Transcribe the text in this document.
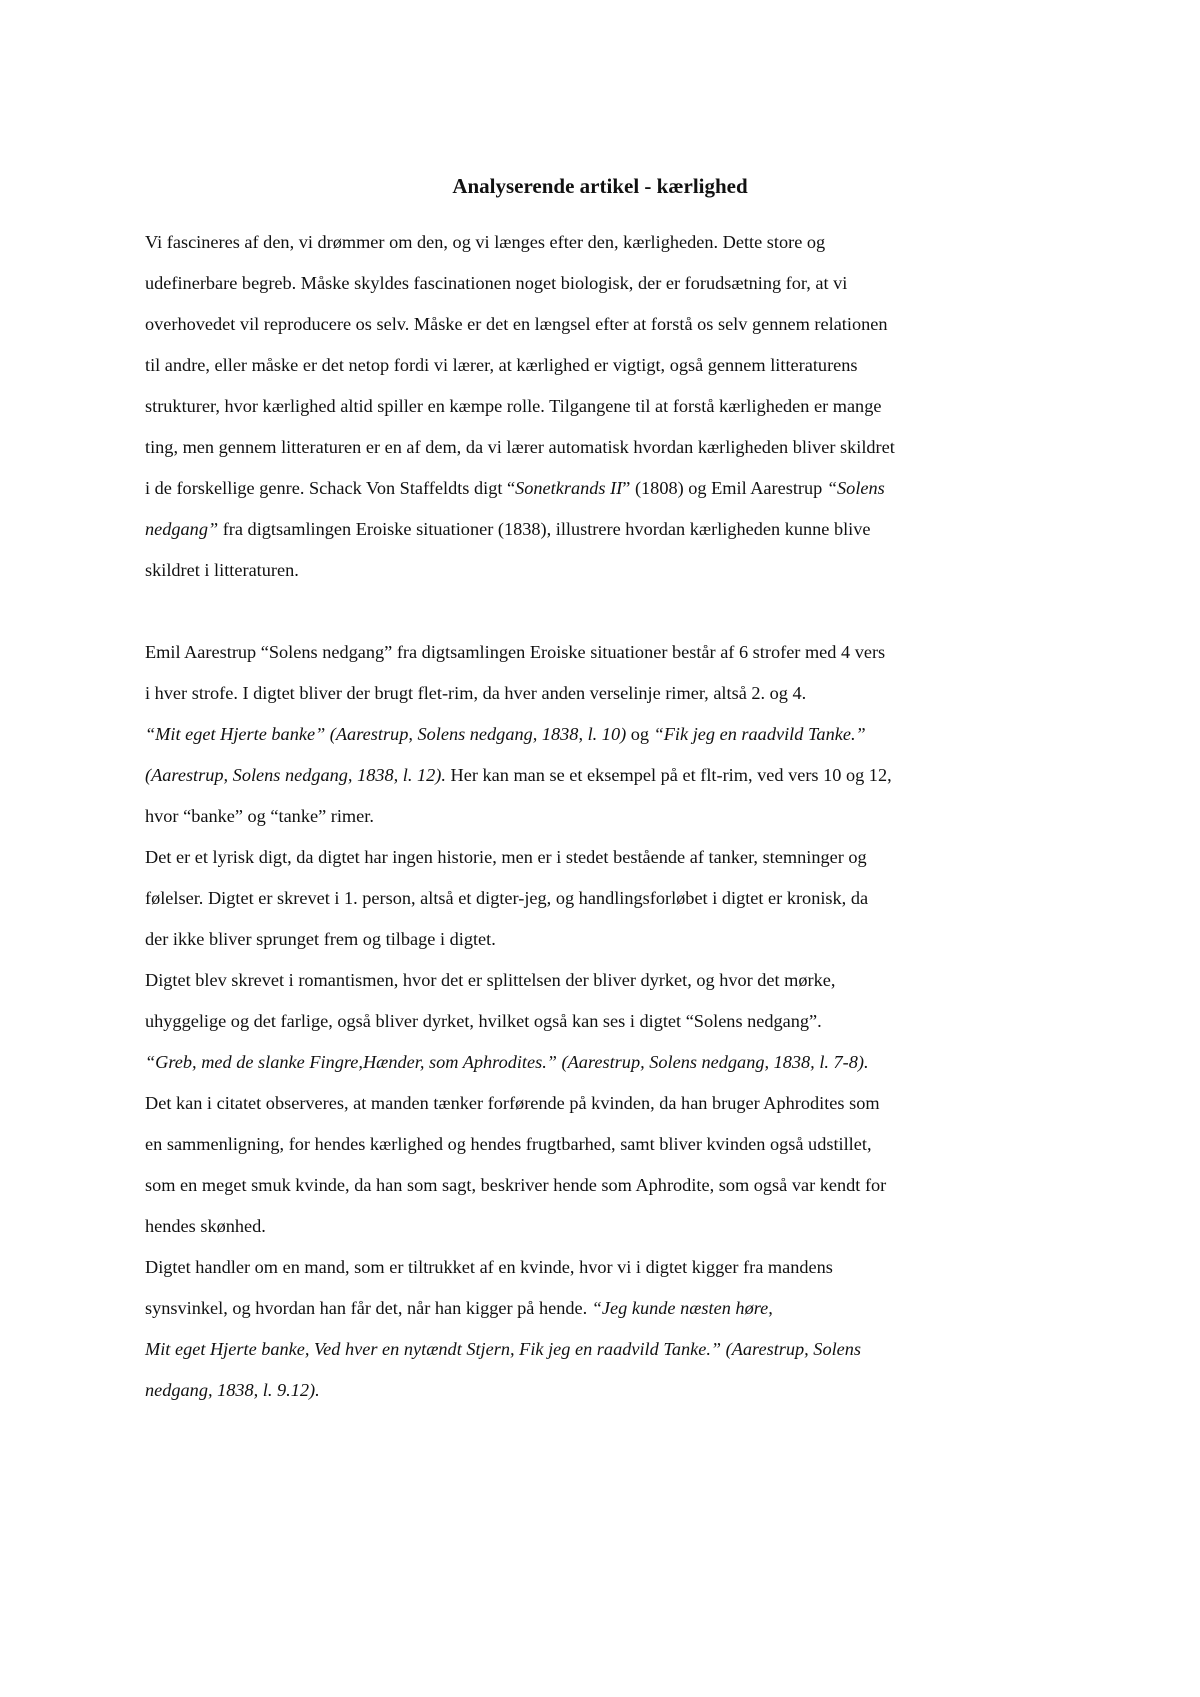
Analyserende artikel - kærlighed

Vi fascineres af den, vi drømmer om den, og vi længes efter den, kærligheden. Dette store og
udefinerbare begreb. Måske skyldes fascinationen noget biologisk, der er forudsætning for, at vi
overhovedet vil reproducere os selv. Måske er det en længsel efter at forstå os selv gennem relationen
til andre, eller måske er det netop fordi vi lærer, at kærlighed er vigtigt, også gennem litteraturens
strukturer, hvor kærlighed altid spiller en kæmpe rolle. Tilgangene til at forstå kærligheden er mange
ting, men gennem litteraturen er en af dem, da vi lærer automatisk hvordan kærligheden bliver skildret
i de forskellige genre. Schack Von Staffeldts digt “Sonetkrands II” (1808) og Emil Aarestrup “Solens
nedgang” fra digtsamlingen Eroiske situationer (1838), illustrere hvordan kærligheden kunne blive
skildret i litteraturen.

Emil Aarestrup “Solens nedgang” fra digtsamlingen Eroiske situationer består af 6 strofer med 4 vers
i hver strofe. I digtet bliver der brugt flet-rim, da hver anden verselinje rimer, altså 2. og 4.
“Mit eget Hjerte banke” (Aarestrup, Solens nedgang, 1838, l. 10) og “Fik jeg en raadvild Tanke.”
(Aarestrup, Solens nedgang, 1838, l. 12). Her kan man se et eksempel på et flt-rim, ved vers 10 og 12,
hvor “banke” og “tanke” rimer.

Det er et lyrisk digt, da digtet har ingen historie, men er i stedet bestående af tanker, stemninger og
følelser. Digtet er skrevet i 1. person, altså et digter-jeg, og handlingsforløbet i digtet er kronisk, da
der ikke bliver sprunget frem og tilbage i digtet.

Digtet blev skrevet i romantismen, hvor det er splittelsen der bliver dyrket, og hvor det mørke,
uhyggelige og det farlige, også bliver dyrket, hvilket også kan ses i digtet “Solens nedgang”.
“Greb, med de slanke Fingre,Hænder, som Aphrodites.” (Aarestrup, Solens nedgang, 1838, l. 7-8).
Det kan i citatet observeres, at manden tænker forførende på kvinden, da han bruger Aphrodites som
en sammenligning, for hendes kærlighed og hendes frugtbarhed, samt bliver kvinden også udstillet,
som en meget smuk kvinde, da han som sagt, beskriver hende som Aphrodite, som også var kendt for
hendes skønhed.

Digtet handler om en mand, som er tiltrukket af en kvinde, hvor vi i digtet kigger fra mandens
synsvinkel, og hvordan han får det, når han kigger på hende. “Jeg kunde næsten høre,
Mit eget Hjerte banke, Ved hver en nytændt Stjern, Fik jeg en raadvild Tanke.” (Aarestrup, Solens
nedgang, 1838, l. 9.12).
